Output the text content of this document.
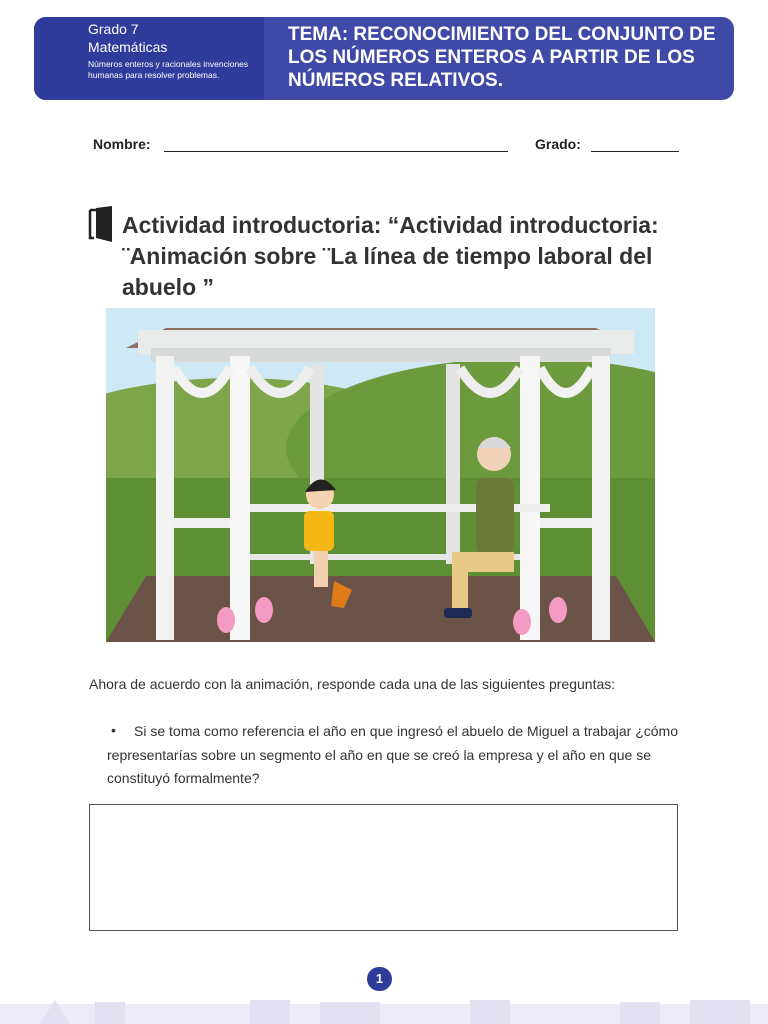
Grado 7
Matemáticas
Números enteros y racionales invenciones humanas para resolver problemas.
TEMA: RECONOCIMIENTO DEL CONJUNTO DE LOS NÚMEROS ENTEROS A PARTIR DE LOS NÚMEROS RELATIVOS.
Nombre:	Grado:
Actividad introductoria: “Actividad introductoria: ¨Animación sobre ¨La línea de tiempo laboral del abuelo ”
Ahora de acuerdo con la animación, responde cada una de las siguientes preguntas:
Si se toma como referencia el año en que ingresó el abuelo de Miguel a trabajar ¿cómo representarías sobre un segmento el año en que se creó la empresa y el año en que se constituyó formalmente?
•
1
